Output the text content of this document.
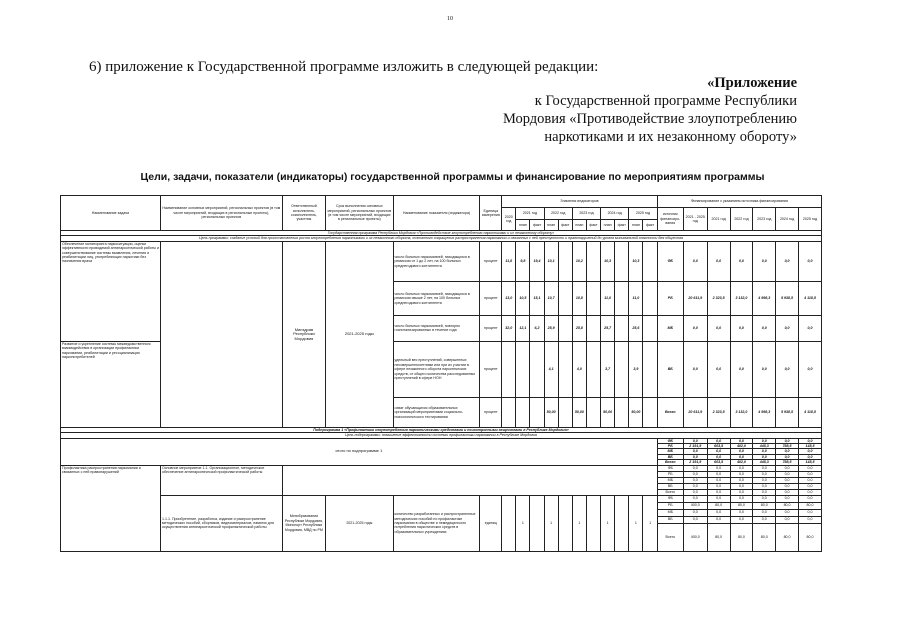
10
6) приложение к Государственной программе изложить в следующей редакции:
«Приложение
к Государственной программе Республики
Мордовия «Противодействие злоупотреблению
наркотиками и их незаконному обороту»
Цели, задачи, показатели (индикаторы) государственной программы и финансирование по мероприятиям программы
Наименование задачи	Наименование основных мероприятий, региональных проектов (в том числе мероприятий, входящих в региональные проекты), региональных проектов	Ответственный исполнитель, соисполнитель, участник	Срок выполнения основных мероприятий, региональных проектов (в том числе мероприятий, входящих в региональные проекты)	Наименование показателя (индикатора)	Единица измерения	Значения индикаторов											Финансирование с указанием источника финансирования						
						2020 год	2021 год		2022 год		2023 год		2024 год		2025 год		источник финансиро-вания	2021 - 2025 год	2021 год	2022 год	2023 год	2024 год	2025 год
							план	факт	план	факт	план	факт	план	факт	план	факт							
Государственная программа Республики Мордовия «Противодействие злоупотреблению наркотиками и их незаконному обороту»																							
Цель программы: создание условий для приостановления роста злоупотребления наркотиками и их незаконного оборота, поэтапного сокращения распространения наркомании и связанных с ней преступности и правонарушений до уровня минимальной опасности для общества																							
Обеспечение мониторинга наркоситуации, оценки эффективности проводимой антинаркотической работы и совершенствование системы выявления, лечения и реабилитации лиц, употребляющих наркотики без назначения врача		Минздрав Республики Мордовия	2021-2025 годы	число больных наркоманией, находящихся в ремиссии от 1 до 2 лет, на 100 больных среднегодового контингента	процент	11,8	9,8	19,4	10,1		10,2		10,3		10,3		ФБ	0,0	0,0	0,0	0,0	0,0	0,0
				число больных наркоманией, находящихся в ремиссии свыше 2 лет, на 100 больных среднегодового контингента	процент	13,0	10,5	15,1	10,7		10,8		11,0		11,0		РБ	20 611,9	2 323,5	3 132,0	4 998,3	5 938,5	4 118,5
				число больных наркоманией, повторно госпитализированных в течение года	процент	32,0	12,1	6,2	25,9		25,8		25,7		25,6		МБ	0,0	0,0	0,0	0,0	0,0	0,0
Развитие и укрепление системы межведомственного взаимодействия в организации профилактики наркомании, реабилитации и ресоциализации наркопотребителей				удельный вес преступлений, совершенных несовершеннолетними или при их участии в сфере незаконного оборота наркотических средств, от общего количества расследованных преступлений в сфере НОН	процент				4,1		4,0		3,7		3,9		ВБ	0,0	0,0	0,0	0,0	0,0	0,0
				охват обучающихся образовательных организаций мероприятиями социально-психологического тестирования	процент				50,00		50,00		50,00		50,00		Всего	20 611,9	2 323,5	3 132,0	4 998,3	5 938,5	4 118,5
Подпрограмма 1 «Профилактика злоупотребления наркотическими средствами и психотропными веществами в Республике Мордовия»																							
Цель подпрограммы: повышение эффективности системы профилактики наркомании в Республике Мордовия																							
итого по подпрограмме 1																	ФБ	0,0	0,0	0,0	0,0	0,0	0,0
																	РБ	2 191,9	603,5	402,0	448,3	788,5	148,5
																	МБ	0,0	0,0	0,0	0,0	0,0	0,0
																	ВБ	0,0	0,0	0,0	0,0	0,0	0,0
																	Всего	2 191,9	603,5	402,0	448,3	788,5	148,5
Профилактика распространения наркомании и связанных с ней правонарушений	Основное мероприятие 1.1. Организационное, методическое обеспечение антинаркотической профилактической работы																ФБ	0,0	0,0	0,0	0,0	0,0	0,0
																	РБ	0,0	0,0	0,0	0,0	0,0	0,0
																	МБ	0,0	0,0	0,0	0,0	0,0	0,0
																	ВБ	0,0	0,0	0,0	0,0	0,0	0,0
																	Всего	0,0	0,0	0,0	0,0	0,0	0,0
	1.1.1. Приобретение, разработка, издание и распространение методических пособий, сборников, видеоматериалов, памяток для осуществления антинаркотической профилактической работы	Минобразования Республики Мордовия, Минспорт Республики Мордовия, МВД по РМ	2021-2025 годы	количество разработанных и распространенных методических пособий по профилактике наркомании в обществе и немедицинского потребления наркотических средств в образовательных учреждениях	единиц		1		1		1		1		1	1	ФБ	0,0	0,0	0,0	0,0	0,0	0,0
																	РБ	400,0	80,0	80,0	80,0	80,0	80,0
																	МБ	0,0	0,0	0,0	0,0	0,0	0,0
																	ВБ	0,0	0,0	0,0	0,0	0,0	0,0
																	Всего	400,0	80,0	80,0	80,0	80,0	80,0
